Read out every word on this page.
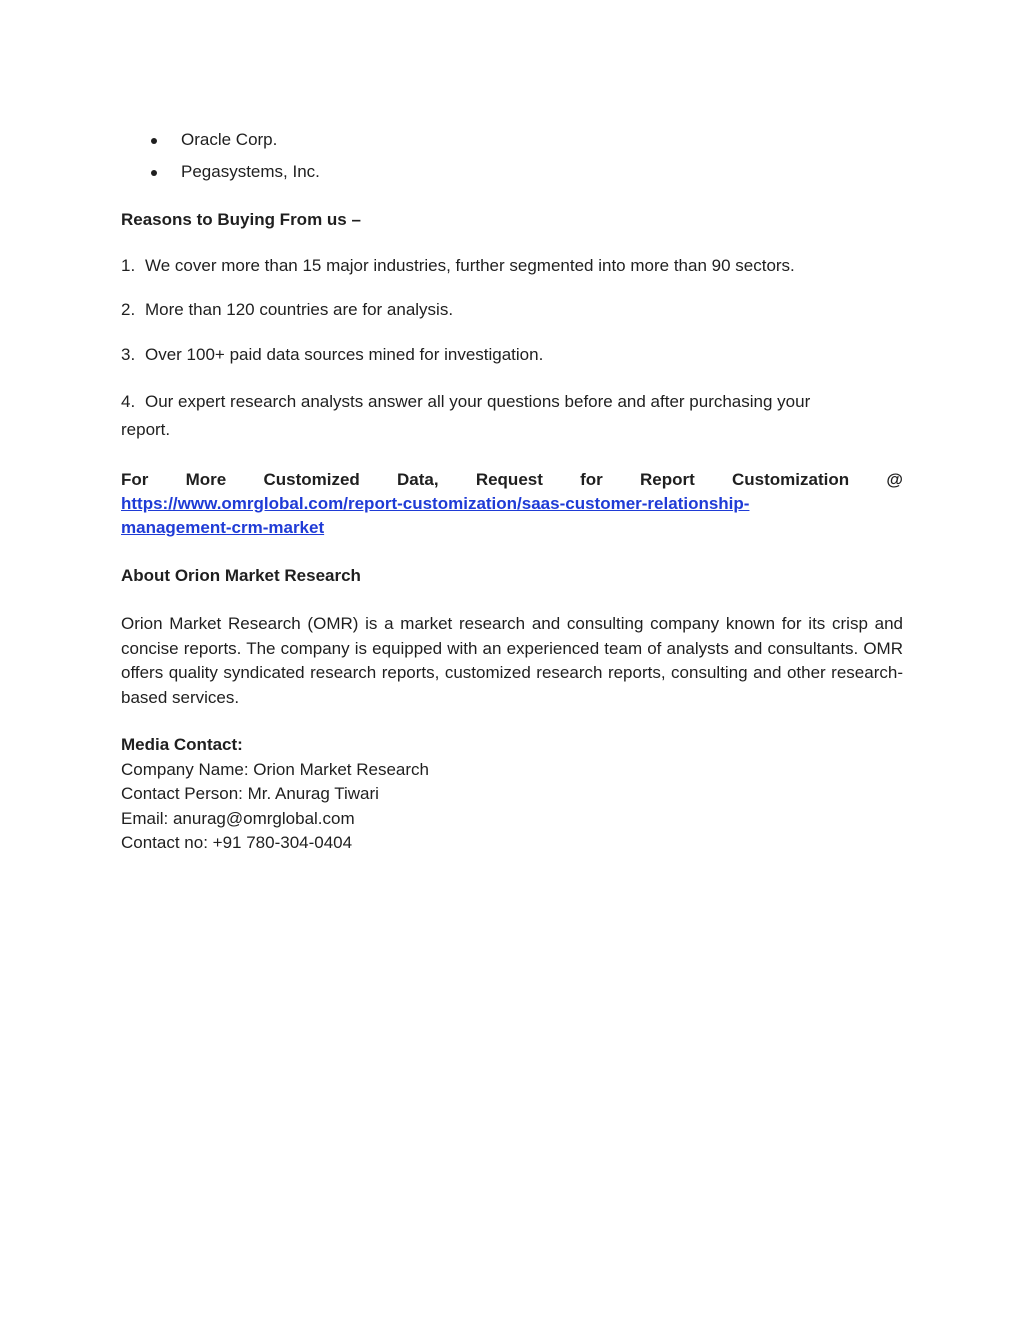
Oracle Corp.
Pegasystems, Inc.
Reasons to Buying From us –
1. We cover more than 15 major industries, further segmented into more than 90 sectors.
2. More than 120 countries are for analysis.
3. Over 100+ paid data sources mined for investigation.
4. Our expert research analysts answer all your questions before and after purchasing your
report.
For More Customized Data, Request for Report Customization @
https://www.omrglobal.com/report-customization/saas-customer-relationship-
management-crm-market
About Orion Market Research
Orion Market Research (OMR) is a market research and consulting company known for its crisp and concise reports. The company is equipped with an experienced team of analysts and consultants. OMR offers quality syndicated research reports, customized research reports, consulting and other research-based services.
Media Contact:
Company Name: Orion Market Research
Contact Person: Mr. Anurag Tiwari
Email: anurag@omrglobal.com
Contact no: +91 780-304-0404
